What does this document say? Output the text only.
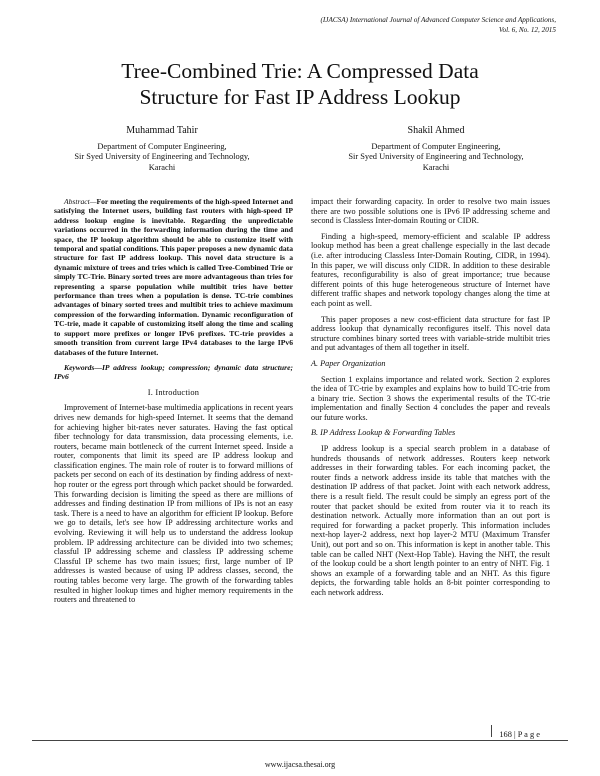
(IJACSA) International Journal of Advanced Computer Science and Applications,
Vol. 6, No. 12, 2015
Tree-Combined Trie: A Compressed Data
Structure for Fast IP Address Lookup
Muhammad Tahir
Department of Computer Engineering,
Sir Syed University of Engineering and Technology,
Karachi
Shakil Ahmed
Department of Computer Engineering,
Sir Syed University of Engineering and Technology,
Karachi

Abstract—For meeting the requirements of the high-speed Internet and satisfying the Internet users, building fast routers with high-speed IP address lookup engine is inevitable. Regarding the unpredictable variations occurred in the forwarding information during the time and space, the IP lookup algorithm should be able to customize itself with temporal and spatial conditions. This paper proposes a new dynamic data structure for fast IP address lookup. This novel data structure is a dynamic mixture of trees and tries which is called Tree-Combined Trie or simply TC-Trie. Binary sorted trees are more advantageous than tries for representing a sparse population while multibit tries have better performance than trees when a population is dense. TC-trie combines advantages of binary sorted trees and multibit tries to achieve maximum compression of the forwarding information. Dynamic reconfiguration of TC-trie, made it capable of customizing itself along the time and scaling to support more prefixes or longer IPv6 prefixes. TC-trie provides a smooth transition from current large IPv4 databases to the large IPv6 databases of the future Internet.

Keywords—IP address lookup; compression; dynamic data structure; IPv6

I. Introduction

Improvement of Internet-base multimedia applications in recent years drives new demands for high-speed Internet. It seems that the demand for achieving higher bit-rates never saturates. Having the fast optical fiber technology for data transmission, data processing elements, i.e. routers, became main bottleneck of the current Internet speed. Inside a router, components that limit its speed are IP address lookup and classification engines. The main role of router is to forward millions of packets per second on each of its destination by finding address of next-hop router or the egress port through which packet should be forwarded. This forwarding decision is limiting the speed as there are millions of addresses and finding destination IP from millions of IPs is not an easy task. There is a need to have an algorithm for efficient IP lookup. Before we go to details, let's see how IP addressing architecture works and evolving. Reviewing it will help us to understand the address lookup problem. IP addressing architecture can be divided into two schemes; classful IP addressing scheme and classless IP addressing scheme Classful IP scheme has two main issues; first, large number of IP addresses is wasted because of using IP address classes, second, the routing tables become very large. The growth of the forwarding tables resulted in higher lookup times and higher memory requirements in the routers and threatened to

impact their forwarding capacity. In order to resolve two main issues there are two possible solutions one is IPv6 IP addressing scheme and second is Classless Inter-domain Routing or CIDR.

Finding a high-speed, memory-efficient and scalable IP address lookup method has been a great challenge especially in the last decade (i.e. after introducing Classless Inter-Domain Routing, CIDR, in 1994). In this paper, we will discuss only CIDR. In addition to these desirable features, reconfigurability is also of great importance; true because different points of this huge heterogeneous structure of Internet have different traffic shapes and network topology changes along the time at each point as well.

This paper proposes a new cost-efficient data structure for fast IP address lookup that dynamically reconfigures itself. This novel data structure combines binary sorted trees with variable-stride multibit tries and put advantages of them all together in itself.

A. Paper Organization

Section 1 explains importance and related work. Section 2 explores the idea of TC-trie by examples and explains how to build TC-trie from a binary trie. Section 3 shows the experimental results of the TC-trie implementation and finally Section 4 concludes the paper and reveals our future works.

B. IP Address Lookup & Forwarding Tables

IP address lookup is a special search problem in a database of hundreds thousands of network addresses. Routers keep network addresses in their forwarding tables. For each incoming packet, the router finds a network address inside its table that matches with the destination IP address of that packet. Joint with each network address, there is a result field. The result could be simply an egress port of the router that packet should be exited from router via it to reach its destination network. Actually more information than an out port is required for forwarding a packet properly. This information includes next-hop layer-2 address, next hop layer-2 MTU (Maximum Transfer Unit), out port and so on. This information is kept in another table. This table can be called NHT (Next-Hop Table). Having the NHT, the result of the lookup could be a short length pointer to an entry of NHT. Fig. 1 shows an example of a forwarding table and an NHT. As this figure depicts, the forwarding table holds an 8-bit pointer corresponding to each network address.

168 | P a g e
www.ijacsa.thesai.org
